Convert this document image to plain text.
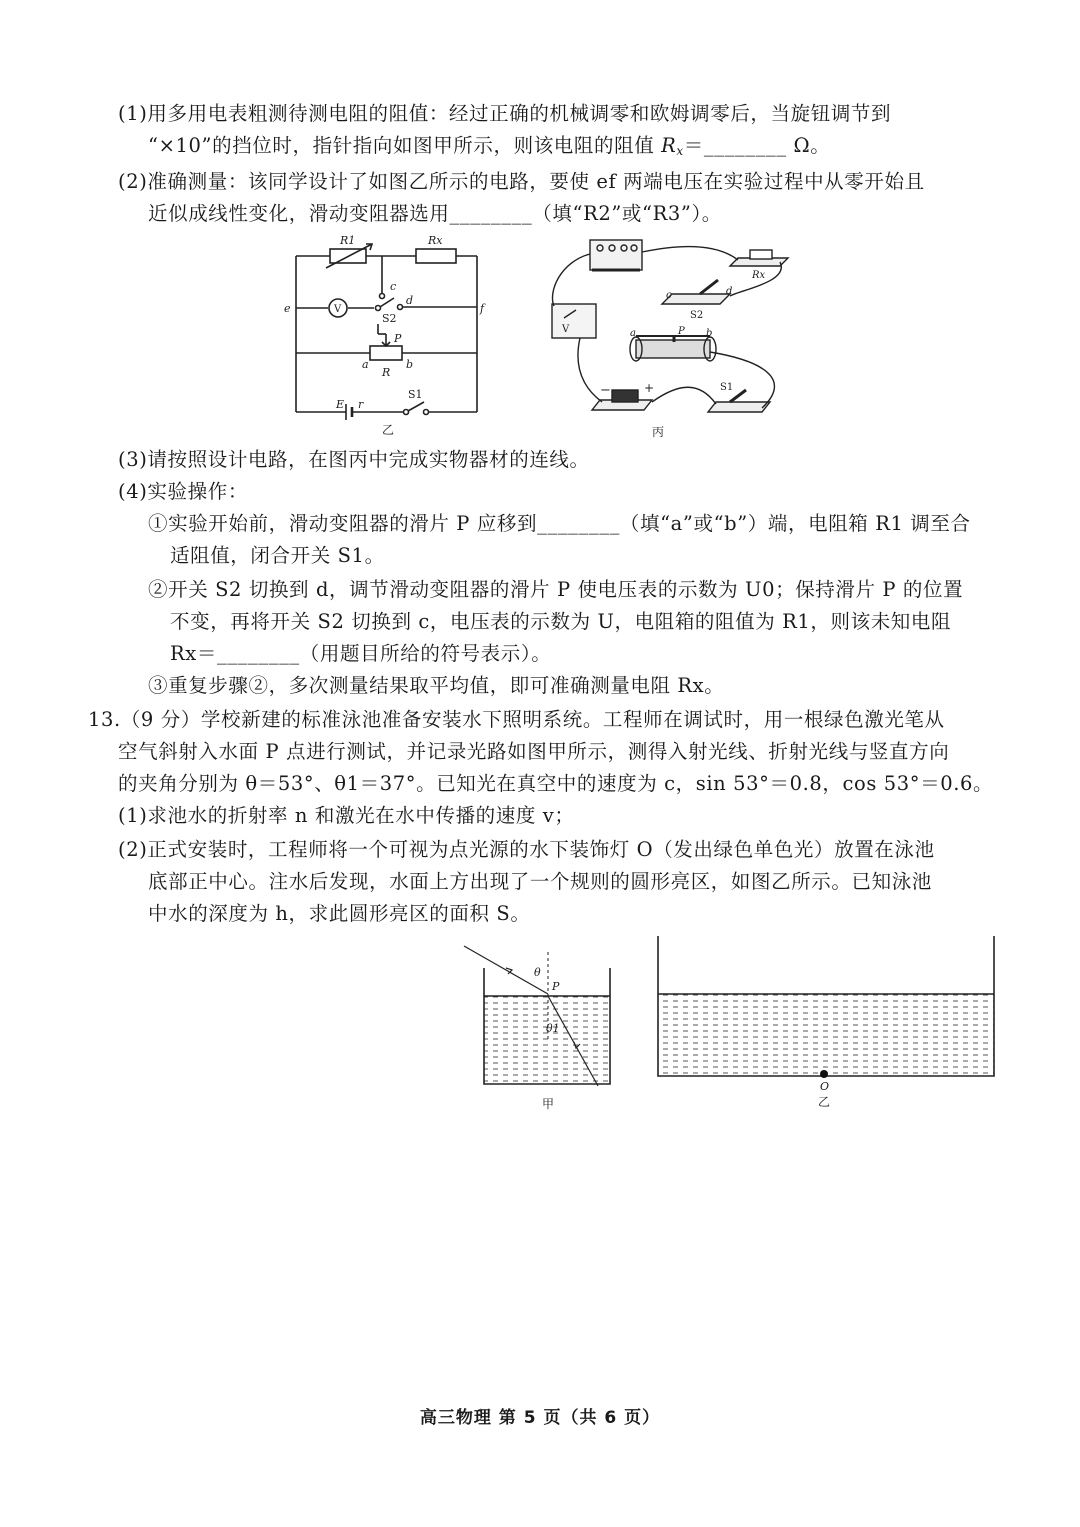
(1)用多用电表粗测待测电阻的阻值：经过正确的机械调零和欧姆调零后，当旋钮调节到
“×10”的挡位时，指针指向如图甲所示，则该电阻的阻值 $R_x=\_\_\_\_\_\_\_\_$ Ω。
(2)准确测量：该同学设计了如图乙所示的电路，要使 ef 两端电压在实验过程中从零开始且
近似成线性变化，滑动变阻器选用________（填“R2”或“R3”）。
R1	Rx
c
d
e	f
V
S2
P
a	b
R
E r
S1
乙
Rx
c	d
S2
a	P b
V
−	+	S1
丙
(3)请按照设计电路，在图丙中完成实物器材的连线。
(4)实验操作：
①实验开始前，滑动变阻器的滑片 P 应移到________（填“a”或“b”）端，电阻箱 R1 调至合
适阻值，闭合开关 S1。
②开关 S2 切换到 d，调节滑动变阻器的滑片 P 使电压表的示数为 U0；保持滑片 P 的位置
不变，再将开关 S2 切换到 c，电压表的示数为 U，电阻箱的阻值为 R1，则该未知电阻
Rx＝________（用题目所给的符号表示）。
③重复步骤②，多次测量结果取平均值，即可准确测量电阻 Rx。
13.（9 分）学校新建的标准泳池准备安装水下照明系统。工程师在调试时，用一根绿色激光笔从
空气斜射入水面 P 点进行测试，并记录光路如图甲所示，测得入射光线、折射光线与竖直方向
的夹角分别为 θ＝53°、θ1＝37°。已知光在真空中的速度为 c，sin 53°＝0.8，cos 53°＝0.6。
(1)求池水的折射率 n 和激光在水中传播的速度 v；
(2)正式安装时，工程师将一个可视为点光源的水下装饰灯 O（发出绿色单色光）放置在泳池
底部正中心。注水后发现，水面上方出现了一个规则的圆形亮区，如图乙所示。已知泳池
中水的深度为 h，求此圆形亮区的面积 S。
θ
P
θ1
甲
O
乙
高三物理 第 5 页（共 6 页）
